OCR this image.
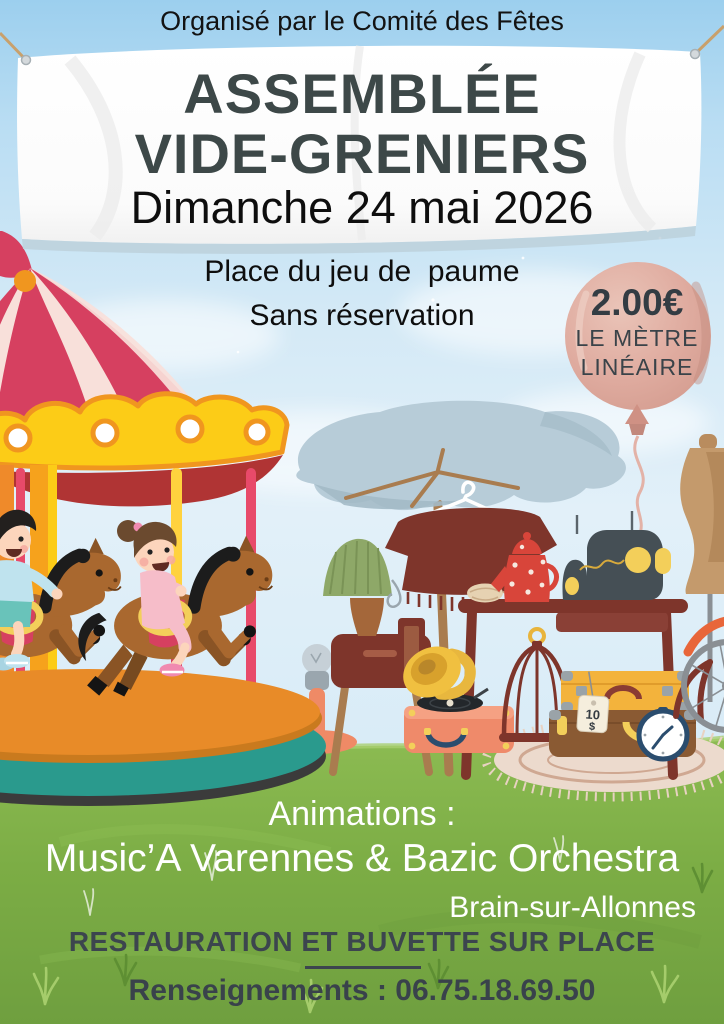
10
$
Organisé par le Comité des Fêtes
ASSEMBLÉE
VIDE-GRENIERS
Dimanche 24 mai 2026
Place du jeu de  paume
Sans réservation	2.00€
LE MÈTRE
LINÉAIRE
Animations :
Music’A Varennes & Bazic Orchestra
Brain-sur-Allonnes
RESTAURATION ET BUVETTE SUR PLACE
Renseignements : 06.75.18.69.50
